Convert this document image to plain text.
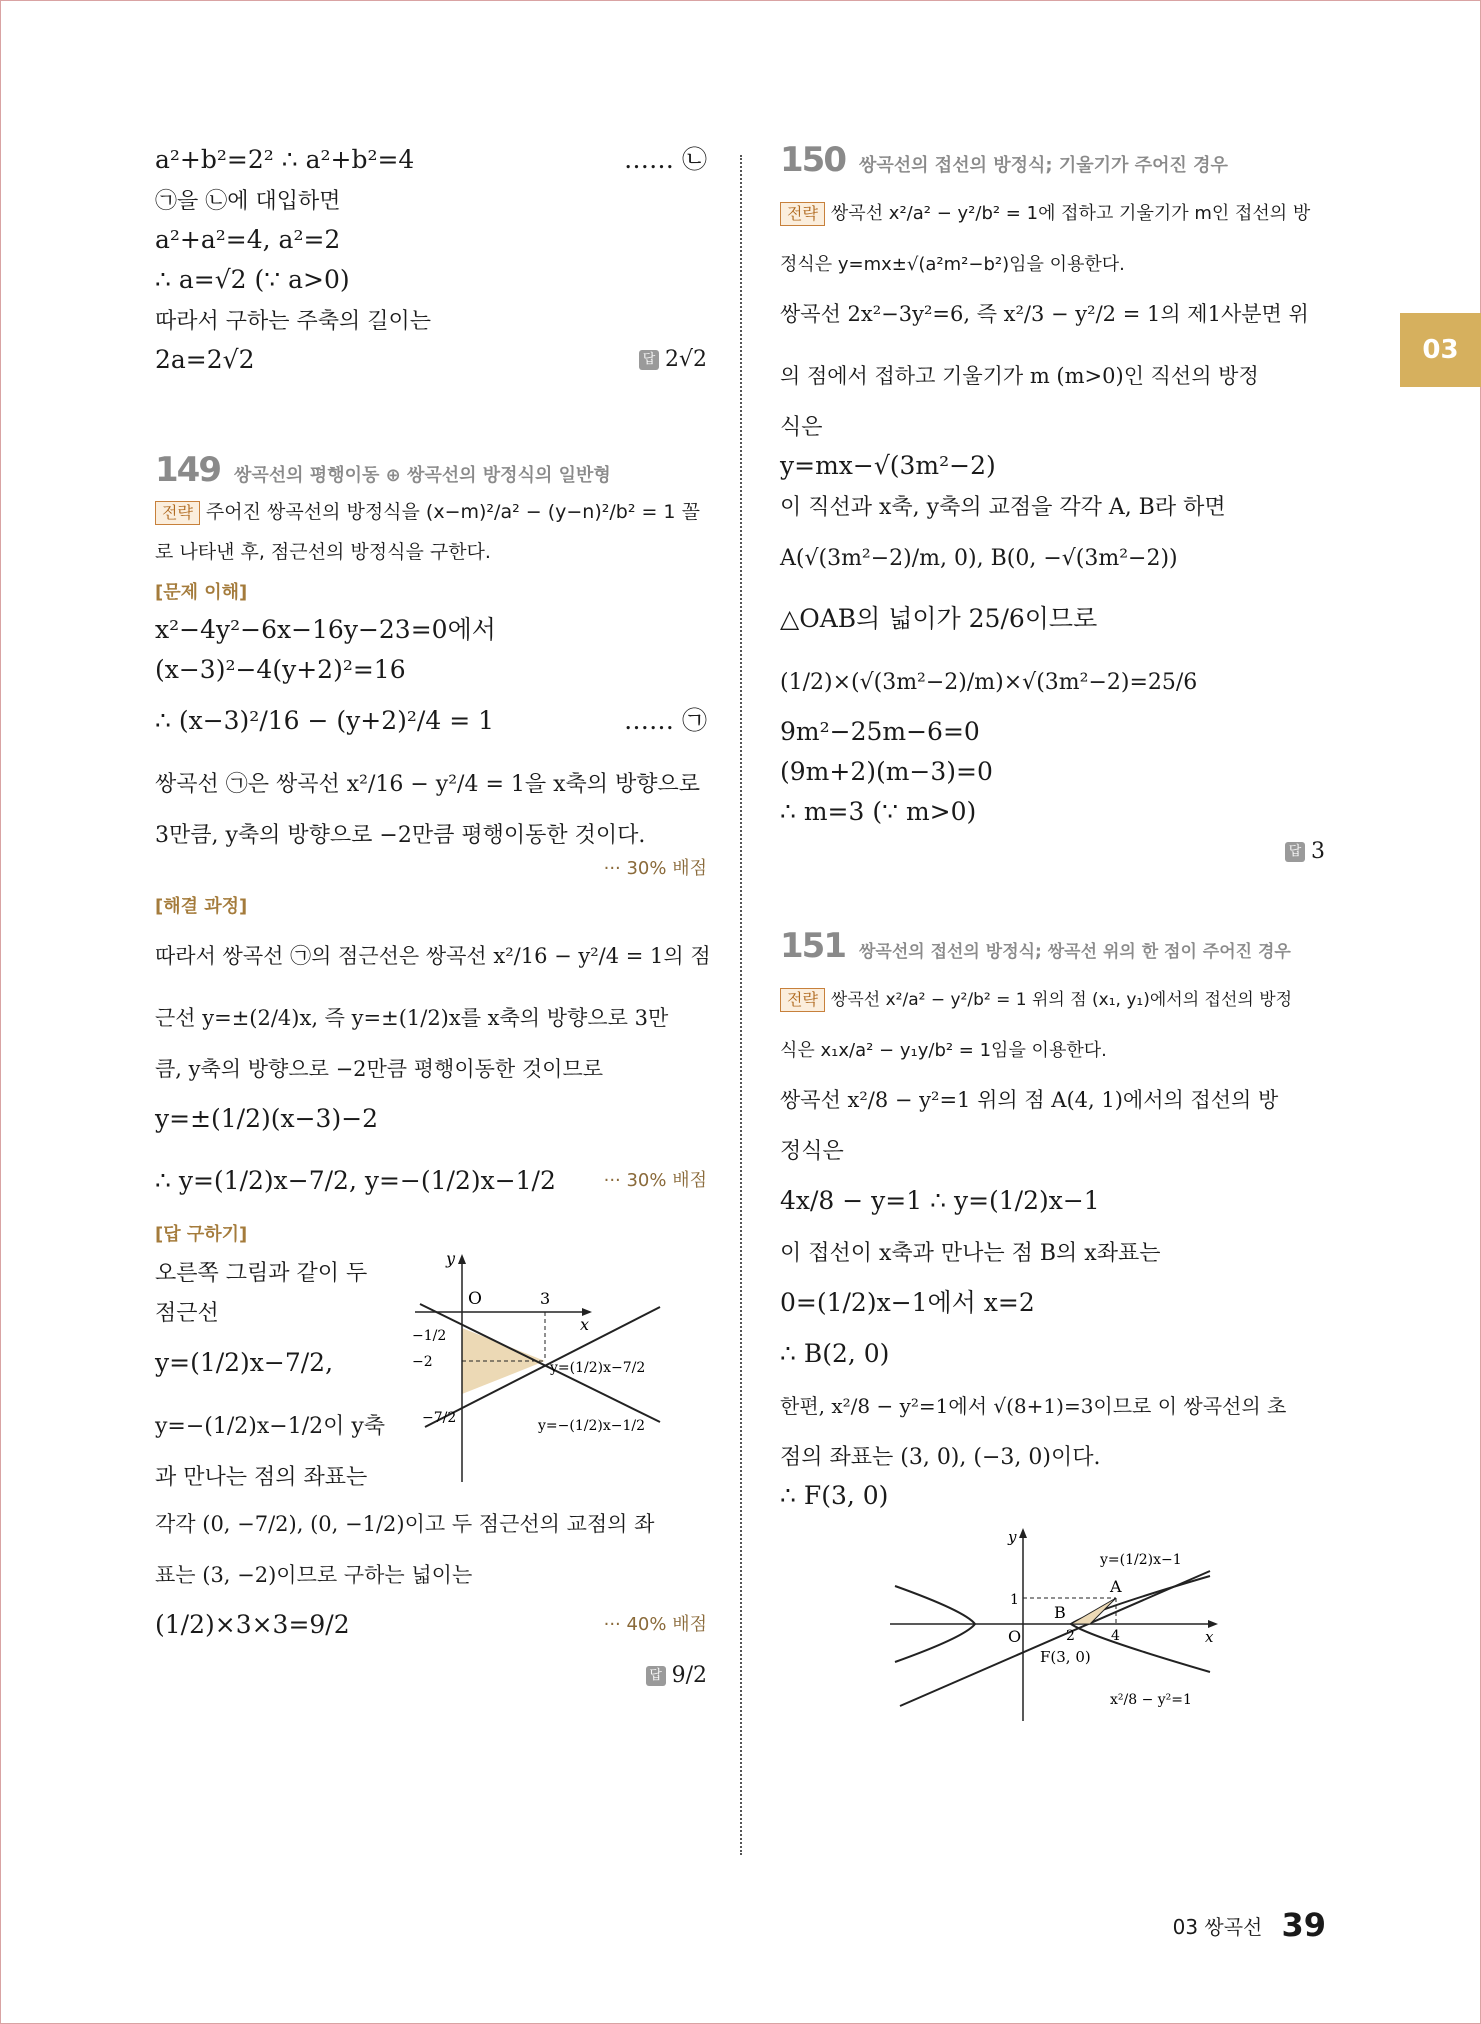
03
a²+b²=2² ∴ a²+b²=4	…… ㉡
㉠을 ㉡에 대입하면
a²+a²=4, a²=2
∴ a=√2 (∵ a>0)
따라서 구하는 주축의 길이는
2a=2√2	답 2√2
149 쌍곡선의 평행이동 ⊕ 쌍곡선의 방정식의 일반형
전략 주어진 쌍곡선의 방정식을 (x−m)²/a² − (y−n)²/b² = 1 꼴
로 나타낸 후, 점근선의 방정식을 구한다.
[문제 이해]
x²−4y²−6x−16y−23=0에서
(x−3)²−4(y+2)²=16
∴ (x−3)²/16 − (y+2)²/4 = 1	…… ㉠
쌍곡선 ㉠은 쌍곡선 x²/16 − y²/4 = 1을 x축의 방향으로
3만큼, y축의 방향으로 −2만큼 평행이동한 것이다.
··· 30% 배점
[해결 과정]
따라서 쌍곡선 ㉠의 점근선은 쌍곡선 x²/16 − y²/4 = 1의 점
근선 y=±(2/4)x, 즉 y=±(1/2)x를 x축의 방향으로 3만
큼, y축의 방향으로 −2만큼 평행이동한 것이므로
y=±(1/2)(x−3)−2
∴ y=(1/2)x−7/2, y=−(1/2)x−1/2	··· 30% 배점
[답 구하기]
오른쪽 그림과 같이 두
점근선
y=(1/2)x−7/2,
y=−(1/2)x−1/2이 y축
과 만나는 점의 좌표는
O	3
x
y
−1/2
−2
−7/2
y=(1/2)x−7/2
y=−(1/2)x−1/2
각각 (0, −7/2), (0, −1/2)이고 두 점근선의 교점의 좌
표는 (3, −2)이므로 구하는 넓이는
(1/2)×3×3=9/2	··· 40% 배점
답 9/2
150 쌍곡선의 접선의 방정식; 기울기가 주어진 경우
전략 쌍곡선 x²/a² − y²/b² = 1에 접하고 기울기가 m인 접선의 방
정식은 y=mx±√(a²m²−b²)임을 이용한다.
쌍곡선 2x²−3y²=6, 즉 x²/3 − y²/2 = 1의 제1사분면 위
의 점에서 접하고 기울기가 m (m>0)인 직선의 방정
식은
y=mx−√(3m²−2)
이 직선과 x축, y축의 교점을 각각 A, B라 하면
A(√(3m²−2)/m, 0), B(0, −√(3m²−2))
△OAB의 넓이가 25/6이므로
(1/2)×(√(3m²−2)/m)×√(3m²−2)=25/6
9m²−25m−6=0
(9m+2)(m−3)=0
∴ m=3 (∵ m>0)
답 3
151 쌍곡선의 접선의 방정식; 쌍곡선 위의 한 점이 주어진 경우
전략 쌍곡선 x²/a² − y²/b² = 1 위의 점 (x₁, y₁)에서의 접선의 방정
식은 x₁x/a² − y₁y/b² = 1임을 이용한다.
쌍곡선 x²/8 − y²=1 위의 점 A(4, 1)에서의 접선의 방
정식은
4x/8 − y=1 ∴ y=(1/2)x−1
이 접선이 x축과 만나는 점 B의 x좌표는
0=(1/2)x−1에서 x=2
∴ B(2, 0)
한편, x²/8 − y²=1에서 √(8+1)=3이므로 이 쌍곡선의 초
점의 좌표는 (3, 0), (−3, 0)이다.
∴ F(3, 0)
y
x
O
1
2	4
A
B
F(3, 0)
y=(1/2)x−1
x²/8 − y²=1
03 쌍곡선 39
